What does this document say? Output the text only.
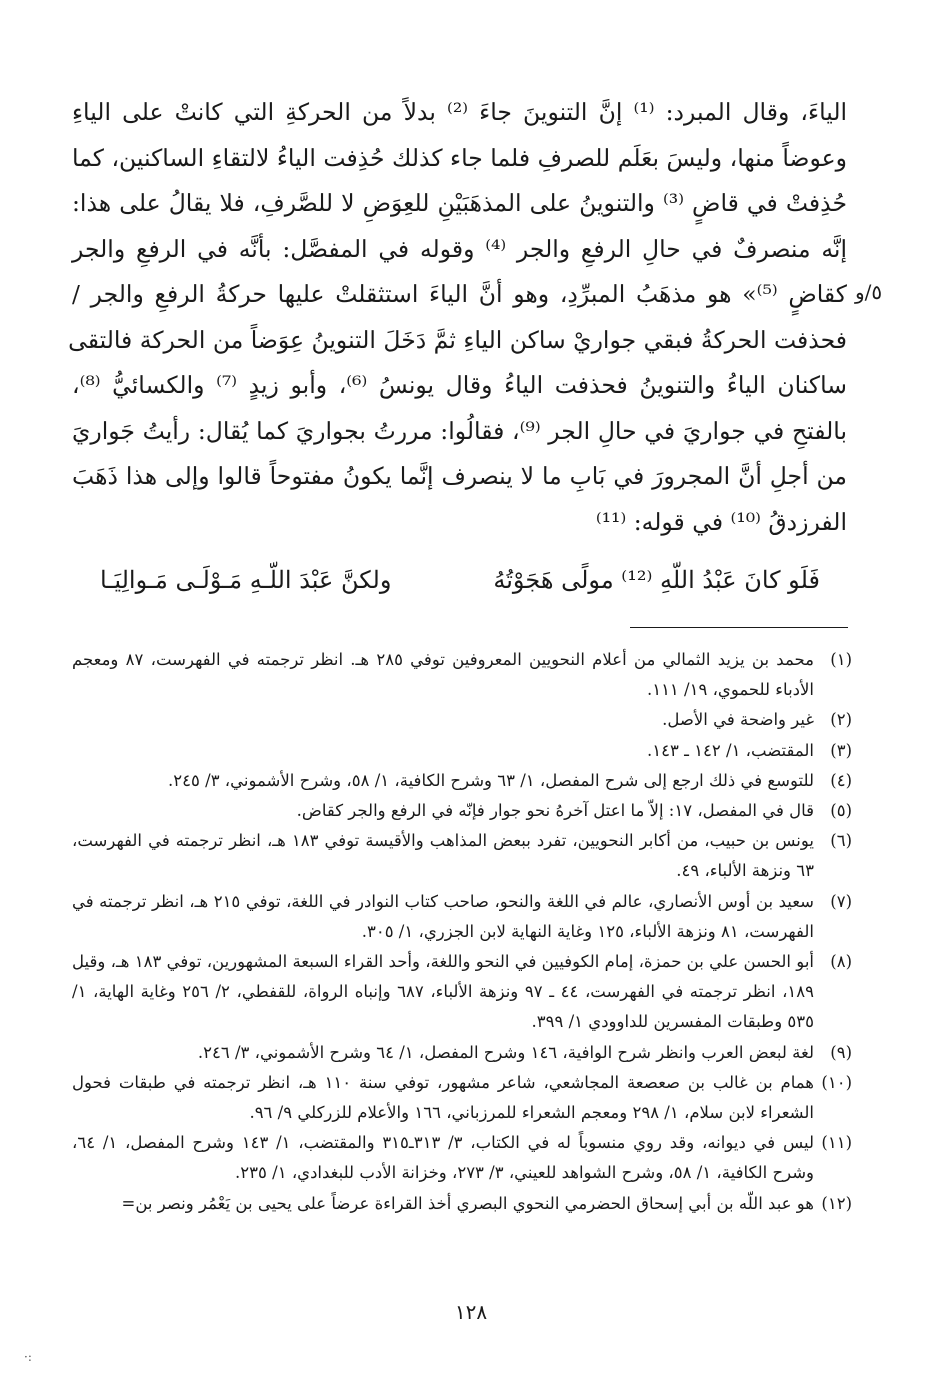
الياءَ، وقال المبرد: ⁽¹⁾ إنَّ التنوينَ جاءَ ⁽²⁾ بدلاً من الحركةِ التي كانتْ على الياءِ
وعوضاً منها، وليسَ بعَلَم للصرفِ فلما جاء كذلك حُذِفت الياءُ لالتقاءِ الساكنين، كما
حُذِفتْ في قاضٍ ⁽³⁾ والتنوينُ على المذهَبَيْنِ للعِوَضِ لا للصَّرفِ، فلا يقالُ على هذا:
إنَّه منصرفٌ في حالِ الرفعِ والجر ⁽⁴⁾ وقوله في المفصَّل: بأنَّه في الرفعِ والجر
كقاضٍ ⁽⁵⁾» هو مذهَبُ المبرِّدِ، وهو أنَّ الياءَ استثقلتْ عليها حركةُ الرفعِ والجر /
فحذفت الحركةُ فبقي جواريْ ساكن الياءِ ثمَّ دَخَلَ التنوينُ عِوَضاً من الحركة فالتقى
ساكنان الياءُ والتنوينُ فحذفت الياءُ وقال يونسُ ⁽⁶⁾، وأبو زيدٍ ⁽⁷⁾ والكسائيُّ ⁽⁸⁾،
بالفتحِ في جواريَ في حالِ الجر ⁽⁹⁾، فقالُوا: مررتُ بجواريَ كما يُقال: رأيتُ جَواريَ
من أجلِ أنَّ المجرورَ في بَابِ ما لا ينصرف إنَّما يكونُ مفتوحاً قالوا وإلى هذا ذَهَبَ
الفرزدقُ ⁽¹⁰⁾ في قوله: ⁽¹¹⁾
٥/و
فَلَو كانَ عَبْدُ اللّهِ ⁽¹²⁾ مولًى هَجَوْتُهُ
ولكنَّ عَبْدَ اللّـهِ مَـوْلَـى مَـوالِيَـا
(١)
محمد بن يزيد الثمالي من أعلام النحويين المعروفين توفي ٢٨٥ هـ. انظر ترجمته في الفهرست، ٨٧ ومعجم الأدباء للحموي، ١٩/ ١١١.
(٢)
غير واضحة في الأصل.
(٣)
المقتضب، ١/ ١٤٢ ـ ١٤٣.
(٤)
للتوسع في ذلك ارجع إلى شرح المفصل، ١/ ٦٣ وشرح الكافية، ١/ ٥٨، وشرح الأشموني، ٣/ ٢٤٥.
(٥)
قال في المفصل، ١٧: إلاّ ما اعتل آخرهُ نحو جوار فإنّه في الرفع والجر كقاض.
(٦)
يونس بن حبيب، من أكابر النحويين، تفرد ببعض المذاهب والأقيسة توفي ١٨٣ هـ، انظر ترجمته في الفهرست، ٦٣ ونزهة الألباء، ٤٩.
(٧)
سعيد بن أوس الأنصاري، عالم في اللغة والنحو، صاحب كتاب النوادر في اللغة، توفي ٢١٥ هـ، انظر ترجمته في الفهرست، ٨١ ونزهة الألباء، ١٢٥ وغاية النهاية لابن الجزري، ١/ ٣٠٥.
(٨)
أبو الحسن علي بن حمزة، إمام الكوفيين في النحو واللغة، وأحد القراء السبعة المشهورين، توفي ١٨٣ هـ، وقيل ١٨٩، انظر ترجمته في الفهرست، ٤٤ ـ ٩٧ ونزهة الألباء، ٦٨٧ وإنباه الرواة، للقفطي، ٢/ ٢٥٦ وغاية الهاية، ١/ ٥٣٥ وطبقات المفسرين للداوودي ١/ ٣٩٩.
(٩)
لغة لبعض العرب وانظر شرح الوافية، ١٤٦ وشرح المفصل، ١/ ٦٤ وشرح الأشموني، ٣/ ٢٤٦.
(١٠)
همام بن غالب بن صعصعة المجاشعي، شاعر مشهور، توفي سنة ١١٠ هـ، انظر ترجمته في طبقات فحول الشعراء لابن سلام، ١/ ٢٩٨ ومعجم الشعراء للمرزباني، ١٦٦ والأعلام للزركلي ٩/ ٩٦.
(١١)
ليس في ديوانه، وقد روي منسوباً له في الكتاب، ٣/ ٣١٣ـ٣١٥ والمقتضب، ١/ ١٤٣ وشرح المفصل، ١/ ٦٤، وشرح الكافية، ١/ ٥٨، وشرح الشواهد للعيني، ٣/ ٢٧٣، وخزانة الأدب للبغدادي، ١/ ٢٣٥.
(١٢)
هو عبد اللّه بن أبي إسحاق الحضرمي النحوي البصري أخذ القراءة عرضاً على يحيى بن يَعْمُر ونصر بن=
١٢٨
·:
